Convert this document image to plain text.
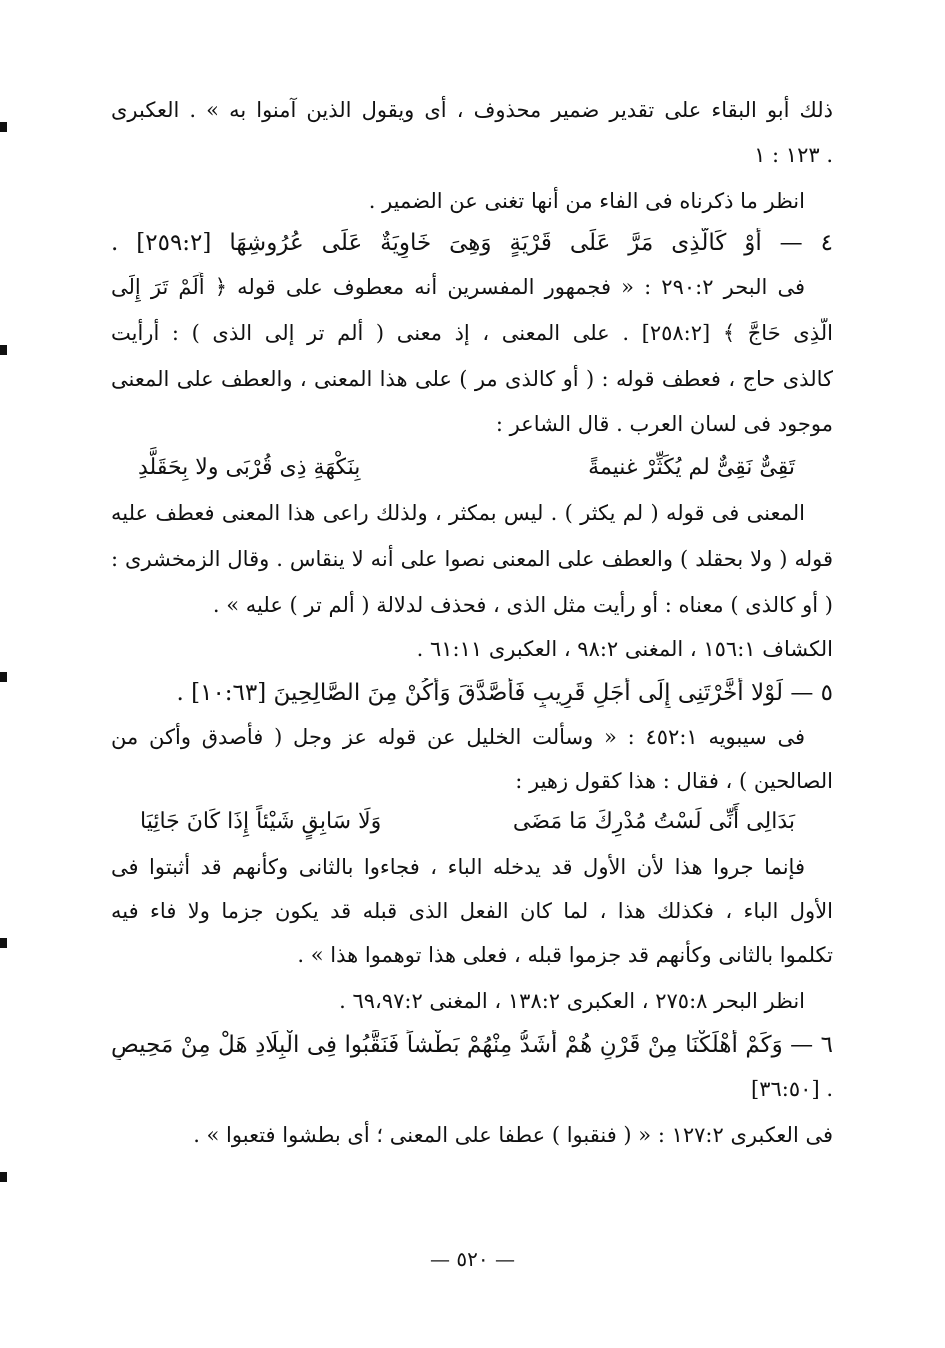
ذلك أبو البقاء على تقدير ضمير محذوف ، أى ويقول الذين آمنوا به » . العكبرى
. ١٢٣ : ١
انظر ما ذكرناه فى الفاء من أنها تغنى عن الضمير .
٤ — أَوْ كَالَّذِى مَرَّ عَلَى قَرْيَةٍ وَهِىَ خَاوِيَةٌ عَلَى عُرُوشِهَا [٢٥٩:٢] .
فى البحر ٢٩٠:٢ : « فجمهور المفسرين أنه معطوف على قوله ﴿ أَلَمْ تَرَ إِلَى
الَّذِى حَاجَّ ﴾ [٢٥٨:٢] . على المعنى ، إذ معنى ( ألم تر إلى الذى ) : أرأيت
كالذى حاج ، فعطف قوله : ( أو كالذى مر ) على هذا المعنى ، والعطف على المعنى
موجود فى لسان العرب . قال الشاعر :
تَقِىٌّ نَقِىٌّ لم يُكَثِّرْ غنيمةً
بِنَكْهَةِ ذِى قُرْبَى ولا بِحَقَلَّدِ
المعنى فى قوله ( لم يكثر ) . ليس بمكثر ، ولذلك راعى هذا المعنى فعطف عليه
قوله ( ولا بحقلد ) والعطف على المعنى نصوا على أنه لا ينقاس . وقال الزمخشرى :
( أو كالذى ) معناه : أو رأيت مثل الذى ، فحذف لدلالة ( ألم تر ) عليه » .
الكشاف ١٥٦:١ ، المغنى ٩٨:٢ ، العكبرى ٦١:١١ .
٥ — لَوْلا أَخَّرْتَنِى إِلَى أَجَلٍ قَرِيبٍ فَأَصَّدَّقَ وَأَكُنْ مِنَ الصَّالِحِينَ [١٠:٦٣] .
فى سيبويه ٤٥٢:١ : « وسألت الخليل عن قوله عز وجل ( فأصدق وأكن من
الصالحين ) ، فقال : هذا كقول زهير :
بَدَالِى أَنِّى لَسْتُ مُدْرِكَ مَا مَضَى
وَلَا سَابِقٍ شَيْئاً إِذَا كَانَ جَائِيَا
فإنما جروا هذا لأن الأول قد يدخله الباء ، فجاءوا بالثانى وكأنهم قد أثبتوا فى
الأول الباء ، فكذلك هذا ، لما كان الفعل الذى قبله قد يكون جزما ولا فاء فيه
تكلموا بالثانى وكأنهم قد جزموا قبله ، فعلى هذا توهموا هذا » .
انظر البحر ٢٧٥:٨ ، العكبرى ١٣٨:٢ ، المغنى ٦٩،٩٧:٢ .
٦ — وَكَمْ أَهْلَكْنَا مِنْ قَرْنٍ هُمْ أَشَدُّ مِنْهُمْ بَطْشاً فَنَقَّبُوا فِى الْبِلَادِ هَلْ مِنْ مَحِيصٍ
. [٣٦:٥٠]
فى العكبرى ١٢٧:٢ : « ( فنقبوا ) عطفا على المعنى ؛ أى بطشوا فتعبوا » .
— ٥٢٠ —
